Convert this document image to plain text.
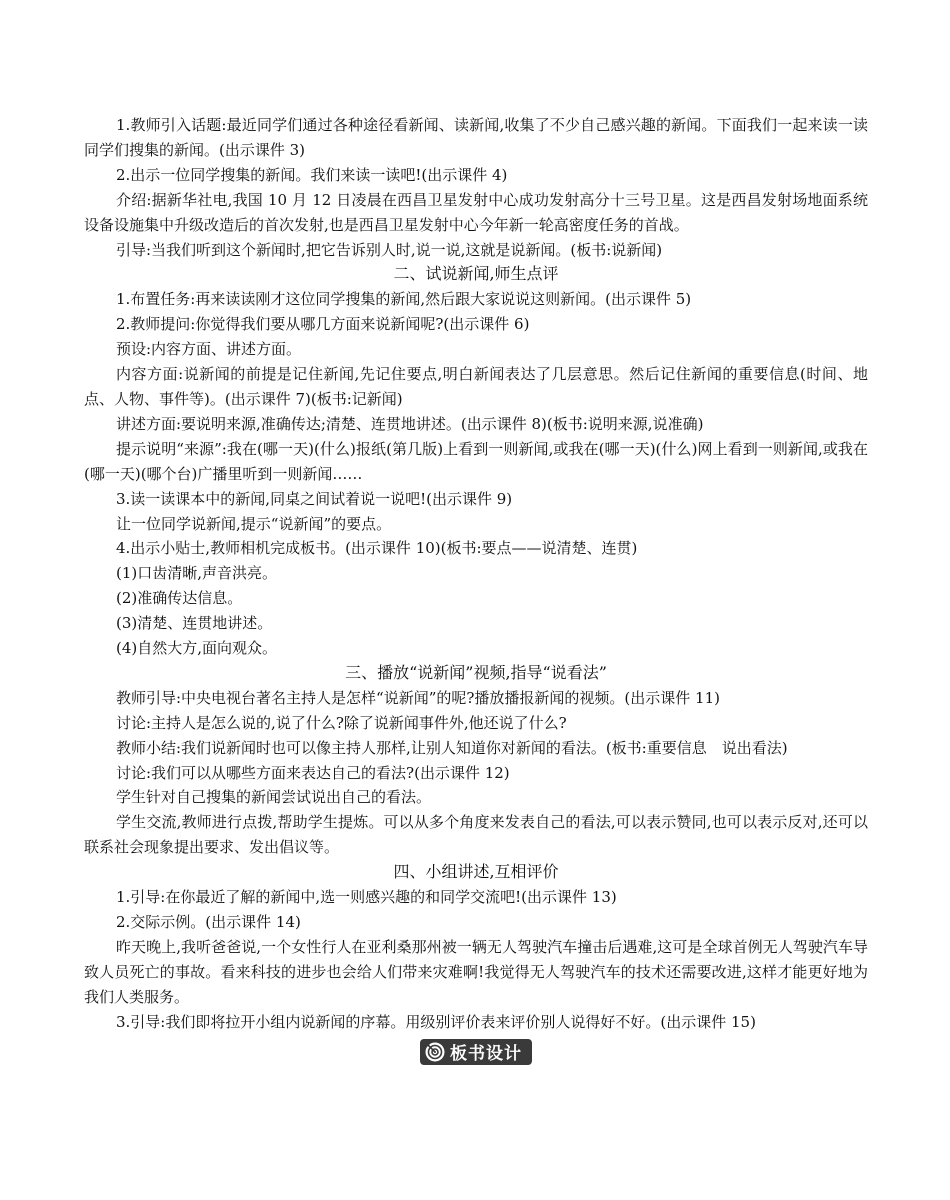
1.教师引入话题:最近同学们通过各种途径看新闻、读新闻,收集了不少自己感兴趣的新闻。下面我们一起来读一读同学们搜集的新闻。(出示课件 3)

2.出示一位同学搜集的新闻。我们来读一读吧!(出示课件 4)

介绍:据新华社电,我国 10 月 12 日凌晨在西昌卫星发射中心成功发射高分十三号卫星。这是西昌发射场地面系统设备设施集中升级改造后的首次发射,也是西昌卫星发射中心今年新一轮高密度任务的首战。

引导:当我们听到这个新闻时,把它告诉别人时,说一说,这就是说新闻。(板书:说新闻)

二、试说新闻,师生点评

1.布置任务:再来读读刚才这位同学搜集的新闻,然后跟大家说说这则新闻。(出示课件 5)

2.教师提问:你觉得我们要从哪几方面来说新闻呢?(出示课件 6)

预设:内容方面、讲述方面。

内容方面:说新闻的前提是记住新闻,先记住要点,明白新闻表达了几层意思。然后记住新闻的重要信息(时间、地点、人物、事件等)。(出示课件 7)(板书:记新闻)

讲述方面:要说明来源,准确传达;清楚、连贯地讲述。(出示课件 8)(板书:说明来源,说准确)

提示说明“来源”:我在(哪一天)(什么)报纸(第几版)上看到一则新闻,或我在(哪一天)(什么)网上看到一则新闻,或我在(哪一天)(哪个台)广播里听到一则新闻……

3.读一读课本中的新闻,同桌之间试着说一说吧!(出示课件 9)

让一位同学说新闻,提示“说新闻”的要点。

4.出示小贴士,教师相机完成板书。(出示课件 10)(板书:要点——说清楚、连贯)

(1)口齿清晰,声音洪亮。

(2)准确传达信息。

(3)清楚、连贯地讲述。

(4)自然大方,面向观众。

三、播放“说新闻”视频,指导“说看法”

教师引导:中央电视台著名主持人是怎样“说新闻”的呢?播放播报新闻的视频。(出示课件 11)

讨论:主持人是怎么说的,说了什么?除了说新闻事件外,他还说了什么?

教师小结:我们说新闻时也可以像主持人那样,让别人知道你对新闻的看法。(板书:重要信息　说出看法)

讨论:我们可以从哪些方面来表达自己的看法?(出示课件 12)

学生针对自己搜集的新闻尝试说出自己的看法。

学生交流,教师进行点拨,帮助学生提炼。可以从多个角度来发表自己的看法,可以表示赞同,也可以表示反对,还可以联系社会现象提出要求、发出倡议等。

四、小组讲述,互相评价

1.引导:在你最近了解的新闻中,选一则感兴趣的和同学交流吧!(出示课件 13)

2.交际示例。(出示课件 14)

昨天晚上,我听爸爸说,一个女性行人在亚利桑那州被一辆无人驾驶汽车撞击后遇难,这可是全球首例无人驾驶汽车导致人员死亡的事故。看来科技的进步也会给人们带来灾难啊!我觉得无人驾驶汽车的技术还需要改进,这样才能更好地为我们人类服务。

3.引导:我们即将拉开小组内说新闻的序幕。用级别评价表来评价别人说得好不好。(出示课件 15)

板书设计
